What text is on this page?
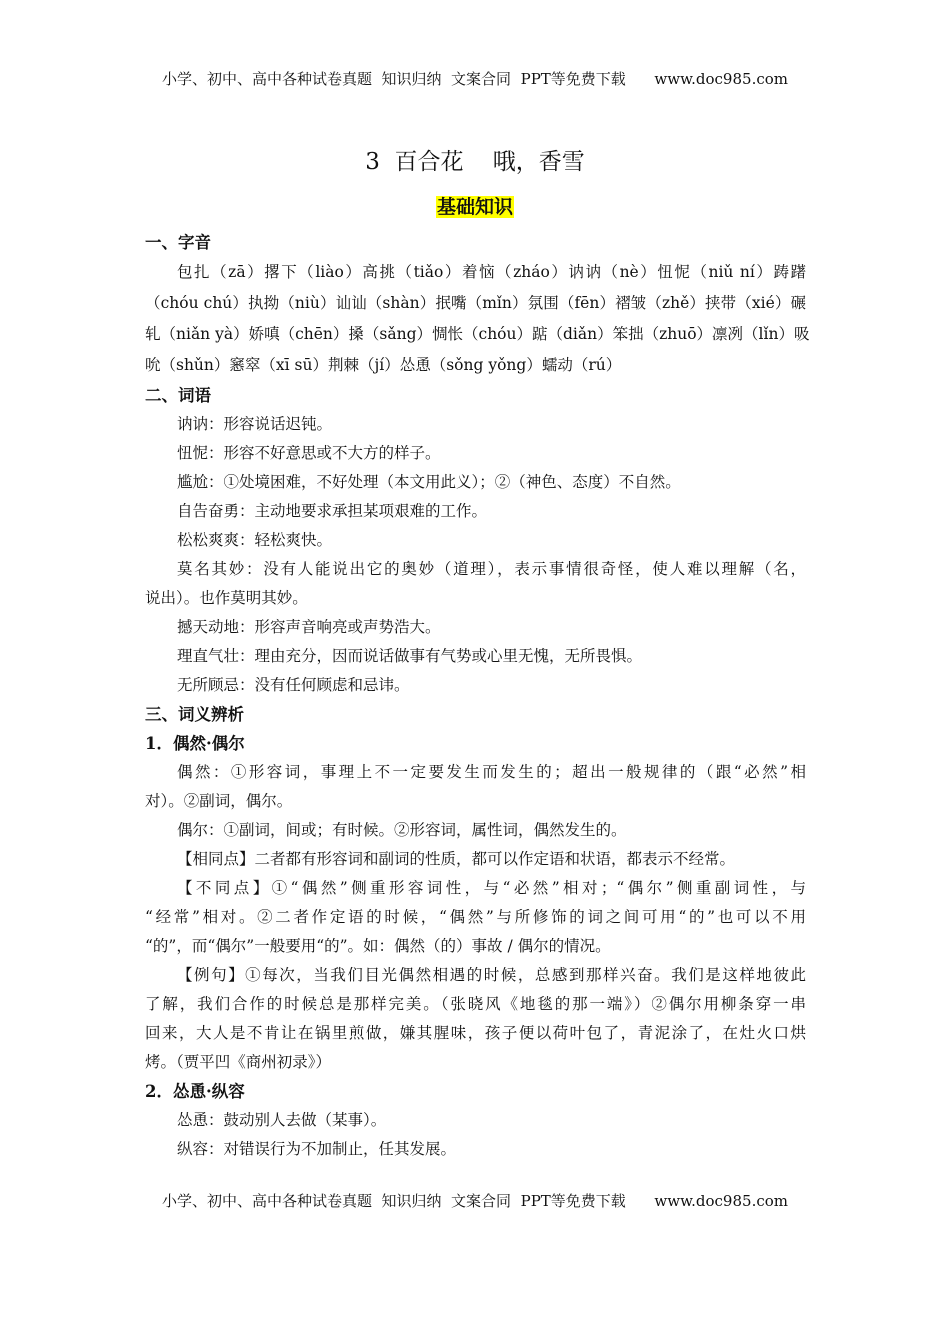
小学、初中、高中各种试卷真题  知识归纳  文案合同  PPT等免费下载      www.doc985.com
3  百合花    哦，香雪
基础知识
一、字音
包扎（zā）撂下（liào）高挑（tiǎo）着恼（zháo）讷讷（nè）忸怩（niǔ ní）踌躇
（chóu chú）执拗（niù）讪讪（shàn）抿嘴（mǐn）氛围（fēn）褶皱（zhě）挟带（xié）碾
轧（niǎn yà）娇嗔（chēn）搡（sǎng）惆怅（chóu）踮（diǎn）笨拙（zhuō）凛冽（lǐn）吸
吮（shǔn）窸窣（xī sū）荆棘（jí）怂恿（sǒng yǒng）蠕动（rú）
二、词语
讷讷：形容说话迟钝。
忸怩：形容不好意思或不大方的样子。
尴尬：①处境困难，不好处理（本文用此义）；②（神色、态度）不自然。
自告奋勇：主动地要求承担某项艰难的工作。
松松爽爽：轻松爽快。
莫名其妙：没有人能说出它的奥妙（道理），表示事情很奇怪，使人难以理解（名，
说出）。也作莫明其妙。
撼天动地：形容声音响亮或声势浩大。
理直气壮：理由充分，因而说话做事有气势或心里无愧，无所畏惧。
无所顾忌：没有任何顾虑和忌讳。
三、词义辨析
1．偶然·偶尔
偶然：①形容词，事理上不一定要发生而发生的；超出一般规律的（跟“必然”相
对）。②副词，偶尔。
偶尔：①副词，间或；有时候。②形容词，属性词，偶然发生的。
【相同点】二者都有形容词和副词的性质，都可以作定语和状语，都表示不经常。
【不同点】①“偶然”侧重形容词性，与“必然”相对；“偶尔”侧重副词性，与
“经常”相对。②二者作定语的时候，“偶然”与所修饰的词之间可用“的”也可以不用
“的”，而“偶尔”一般要用“的”。如：偶然（的）事故 / 偶尔的情况。
【例句】①每次，当我们目光偶然相遇的时候，总感到那样兴奋。我们是这样地彼此
了解，我们合作的时候总是那样完美。（张晓风《地毯的那一端》）②偶尔用柳条穿一串
回来，大人是不肯让在锅里煎做，嫌其腥味，孩子便以荷叶包了，青泥涂了，在灶火口烘
烤。（贾平凹《商州初录》）
2．怂恿·纵容
怂恿：鼓动别人去做（某事）。
纵容：对错误行为不加制止，任其发展。
小学、初中、高中各种试卷真题  知识归纳  文案合同  PPT等免费下载      www.doc985.com
